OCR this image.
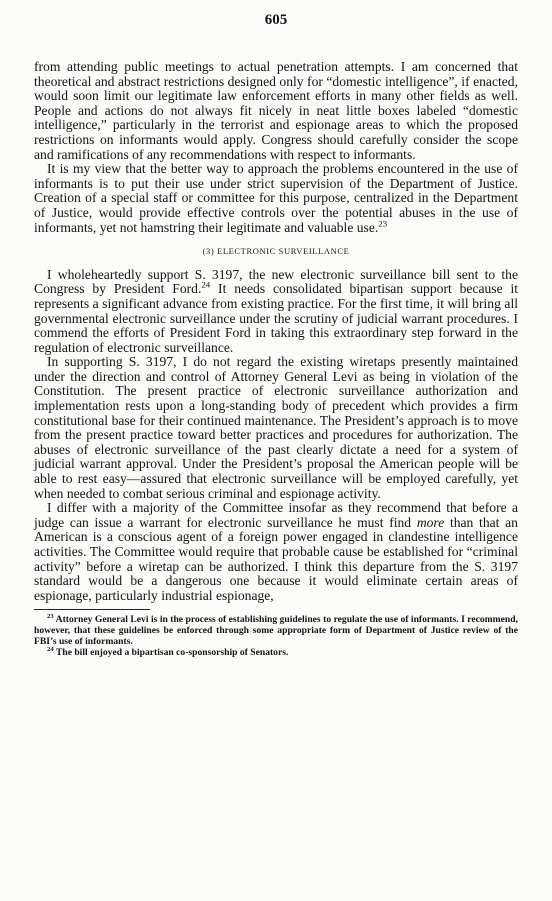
605

from attending public meetings to actual penetration attempts. I am concerned that theoretical and abstract restrictions designed only for “domestic intelligence”, if enacted, would soon limit our legitimate law enforcement efforts in many other fields as well. People and actions do not always fit nicely in neat little boxes labeled “domestic intelligence,” particularly in the terrorist and espionage areas to which the proposed restrictions on informants would apply. Congress should carefully consider the scope and ramifications of any recommendations with respect to informants.

It is my view that the better way to approach the problems encountered in the use of informants is to put their use under strict supervision of the Department of Justice. Creation of a special staff or committee for this purpose, centralized in the Department of Justice, would provide effective controls over the potential abuses in the use of informants, yet not hamstring their legitimate and valuable use.$^{23}$

(3) ELECTRONIC SURVEILLANCE

I wholeheartedly support S. 3197, the new electronic surveillance bill sent to the Congress by President Ford.$^{24}$ It needs consolidated bipartisan support because it represents a significant advance from existing practice. For the first time, it will bring all governmental electronic surveillance under the scrutiny of judicial warrant procedures. I commend the efforts of President Ford in taking this extraordinary step forward in the regulation of electronic surveillance.

In supporting S. 3197, I do not regard the existing wiretaps presently maintained under the direction and control of Attorney General Levi as being in violation of the Constitution. The present practice of electronic surveillance authorization and implementation rests upon a long-standing body of precedent which provides a firm constitutional base for their continued maintenance. The President’s approach is to move from the present practice toward better practices and procedures for authorization. The abuses of electronic surveillance of the past clearly dictate a need for a system of judicial warrant approval. Under the President’s proposal the American people will be able to rest easy—assured that electronic surveillance will be employed carefully, yet when needed to combat serious criminal and espionage activity.

I differ with a majority of the Committee insofar as they recommend that before a judge can issue a warrant for electronic surveillance he must find more than that an American is a conscious agent of a foreign power engaged in clandestine intelligence activities. The Committee would require that probable cause be established for “criminal activity” before a wiretap can be authorized. I think this departure from the S. 3197 standard would be a dangerous one because it would eliminate certain areas of espionage, particularly industrial espionage,

$^{23}$ Attorney General Levi is in the process of establishing guidelines to regulate the use of informants. I recommend, however, that these guidelines be enforced through some appropriate form of Department of Justice review of the FBI’s use of informants.
$^{24}$ The bill enjoyed a bipartisan co-sponsorship of Senators.
